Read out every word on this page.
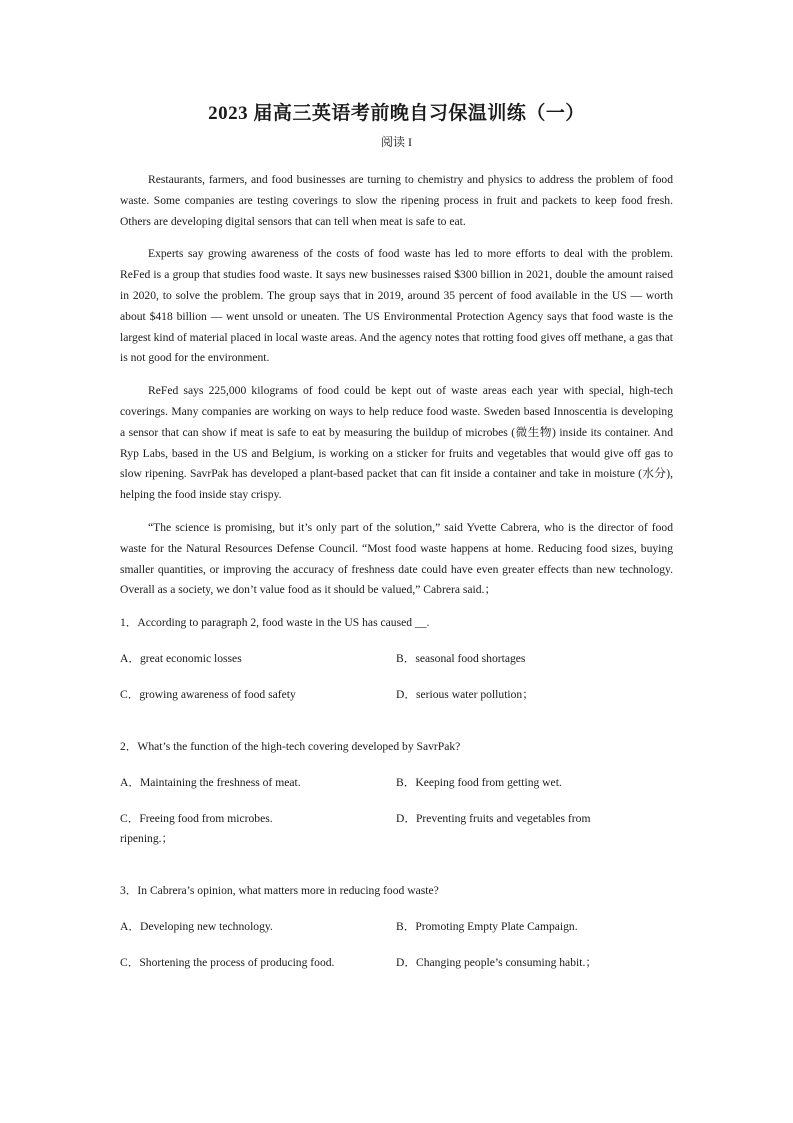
2023 届高三英语考前晚自习保温训练（一）
阅读 I

Restaurants, farmers, and food businesses are turning to chemistry and physics to address the problem of food waste. Some companies are testing coverings to slow the ripening process in fruit and packets to keep food fresh. Others are developing digital sensors that can tell when meat is safe to eat.

Experts say growing awareness of the costs of food waste has led to more efforts to deal with the problem. ReFed is a group that studies food waste. It says new businesses raised $300 billion in 2021, double the amount raised in 2020, to solve the problem. The group says that in 2019, around 35 percent of food available in the US — worth about $418 billion — went unsold or uneaten. The US Environmental Protection Agency says that food waste is the largest kind of material placed in local waste areas. And the agency notes that rotting food gives off methane, a gas that is not good for the environment.

ReFed says 225,000 kilograms of food could be kept out of waste areas each year with special, high-tech coverings. Many companies are working on ways to help reduce food waste. Sweden based Innoscentia is developing a sensor that can show if meat is safe to eat by measuring the buildup of microbes (微生物) inside its container. And Ryp Labs, based in the US and Belgium, is working on a sticker for fruits and vegetables that would give off gas to slow ripening. SavrPak has developed a plant-based packet that can fit inside a container and take in moisture (水分), helping the food inside stay crispy.

“The science is promising, but it’s only part of the solution,” said Yvette Cabrera, who is the director of food waste for the Natural Resources Defense Council. “Most food waste happens at home. Reducing food sizes, buying smaller quantities, or improving the accuracy of freshness date could have even greater effects than new technology. Overall as a society, we don’t value food as it should be valued,” Cabrera said.；

1．According to paragraph 2, food waste in the US has caused __.
A．great economic losses	B．seasonal food shortages
C．growing awareness of food safety	D．serious water pollution；
2．What’s the function of the high-tech covering developed by SavrPak?
A．Maintaining the freshness of meat.	B．Keeping food from getting wet.
C．Freeing food from microbes.	D．Preventing fruits and vegetables from
ripening.；
3．In Cabrera’s opinion, what matters more in reducing food waste?
A．Developing new technology.	B．Promoting Empty Plate Campaign.
C．Shortening the process of producing food.	D．Changing people’s consuming habit.；
